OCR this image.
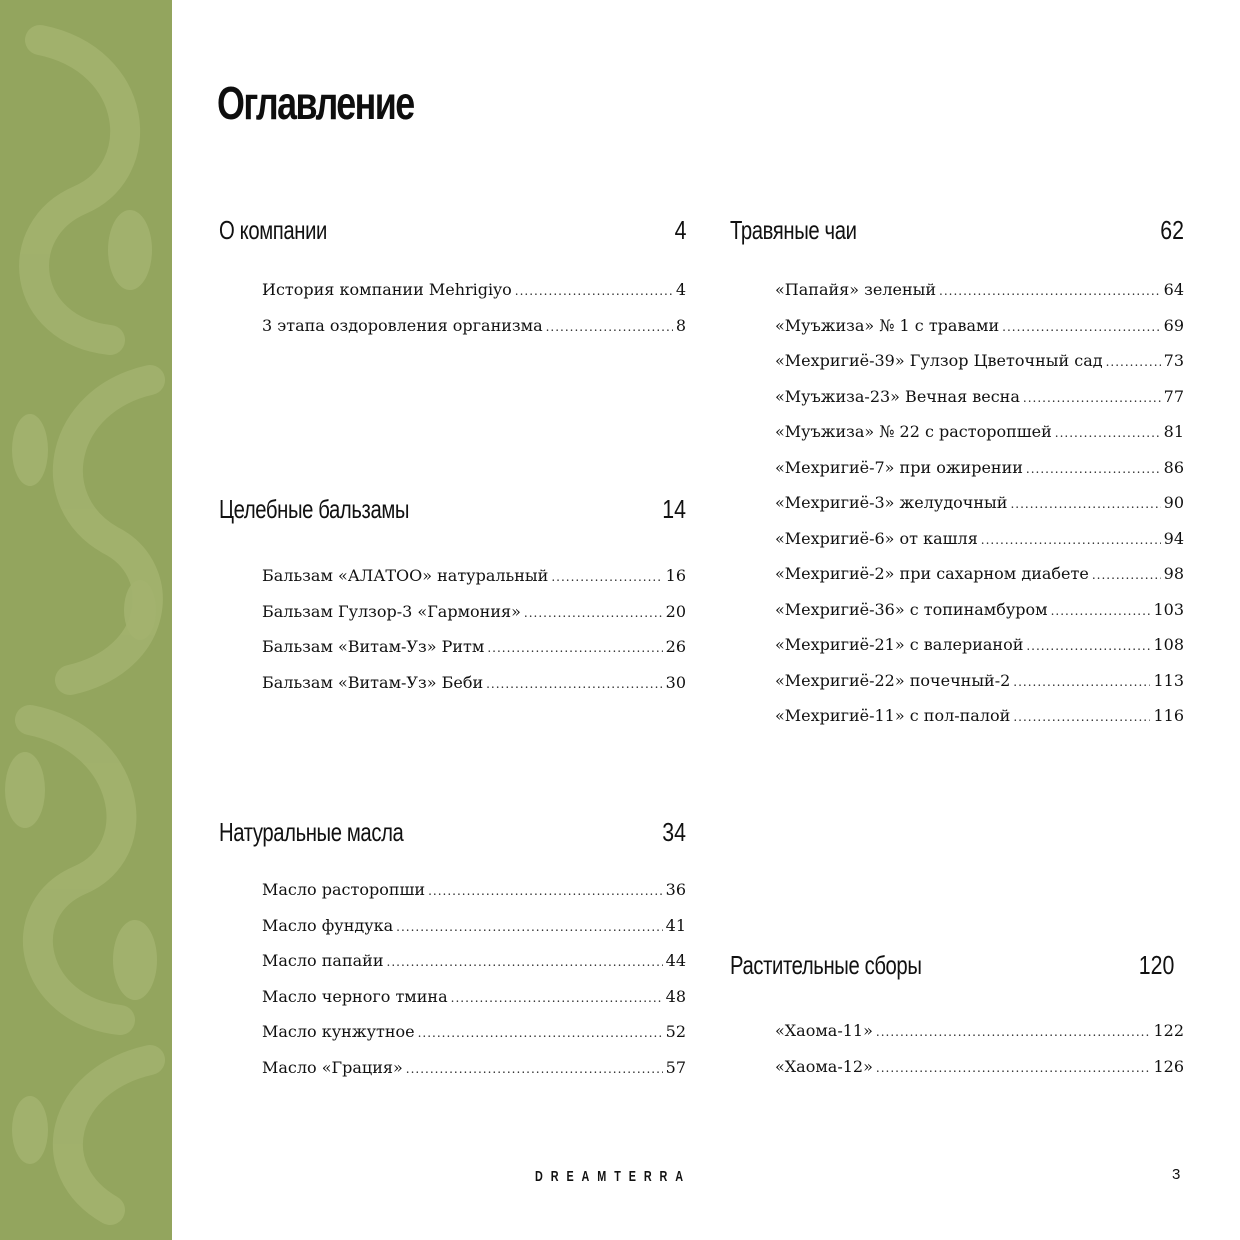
Оглавление
О компании	4
История компании Mehrigiyo .....	4
3 этапа оздоровления организма .....	8
Целебные бальзамы	14
Бальзам «АЛАТОО» натуральный .....	16
Бальзам Гулзор-3 «Гармония» .....	20
Бальзам «Витам-Уз» Ритм .....	26
Бальзам «Витам-Уз» Беби .....	30
Натуральные масла	34
Масло расторопши .....	36
Масло фундука .....	41
Масло папайи .....	44
Масло черного тмина .....	48
Масло кунжутное .....	52
Масло «Грация» .....	57
Травяные чаи	62
«Папайя» зеленый .....	64
«Муъжиза» № 1 с травами .....	69
«Мехригиё-39» Гулзор Цветочный сад .....	73
«Муъжиза-23» Вечная весна .....	77
«Муъжиза» № 22 с расторопшей .....	81
«Мехригиё-7» при ожирении .....	86
«Мехригиё-3» желудочный .....	90
«Мехригиё-6» от кашля .....	94
«Мехригиё-2» при сахарном диабете .....	98
«Мехригиё-36» с топинамбуром .....	103
«Мехригиё-21» с валерианой .....	108
«Мехригиё-22» почечный-2 .....	113
«Мехригиё-11» с пол-палой .....	116
Растительные сборы	120
«Хаома-11» .....	122
«Хаома-12» .....	126
DREAMTERRA	3
